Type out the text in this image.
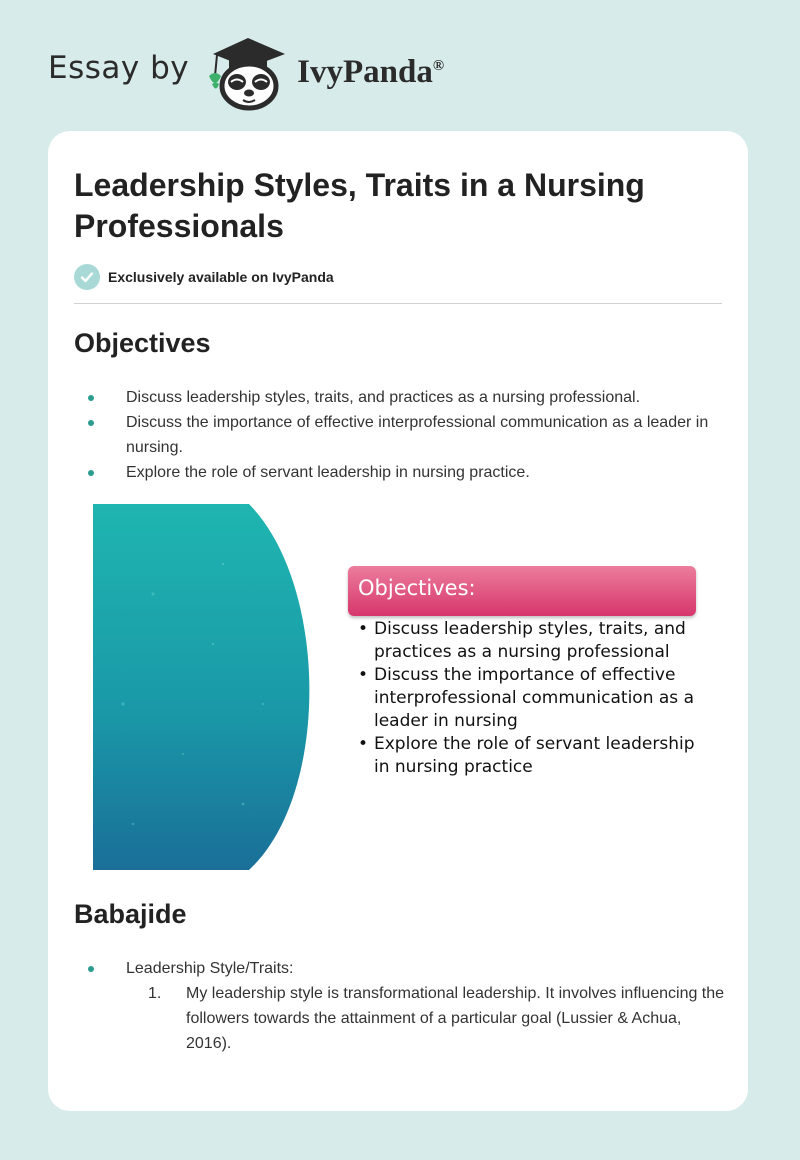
Essay by	IvyPanda®
Leadership Styles, Traits in a Nursing Professionals
Exclusively available on IvyPanda
Objectives
Discuss leadership styles, traits, and practices as a nursing professional.
Discuss the importance of effective interprofessional communication as a leader in nursing.
Explore the role of servant leadership in nursing practice.
Objectives:
• Discuss leadership styles, traits, and practices as a nursing professional
• Discuss the importance of effective interprofessional communication as a leader in nursing
• Explore the role of servant leadership in nursing practice
Babajide
Leadership Style/Traits:
1. My leadership style is transformational leadership. It involves influencing the followers towards the attainment of a particular goal (Lussier & Achua, 2016).
